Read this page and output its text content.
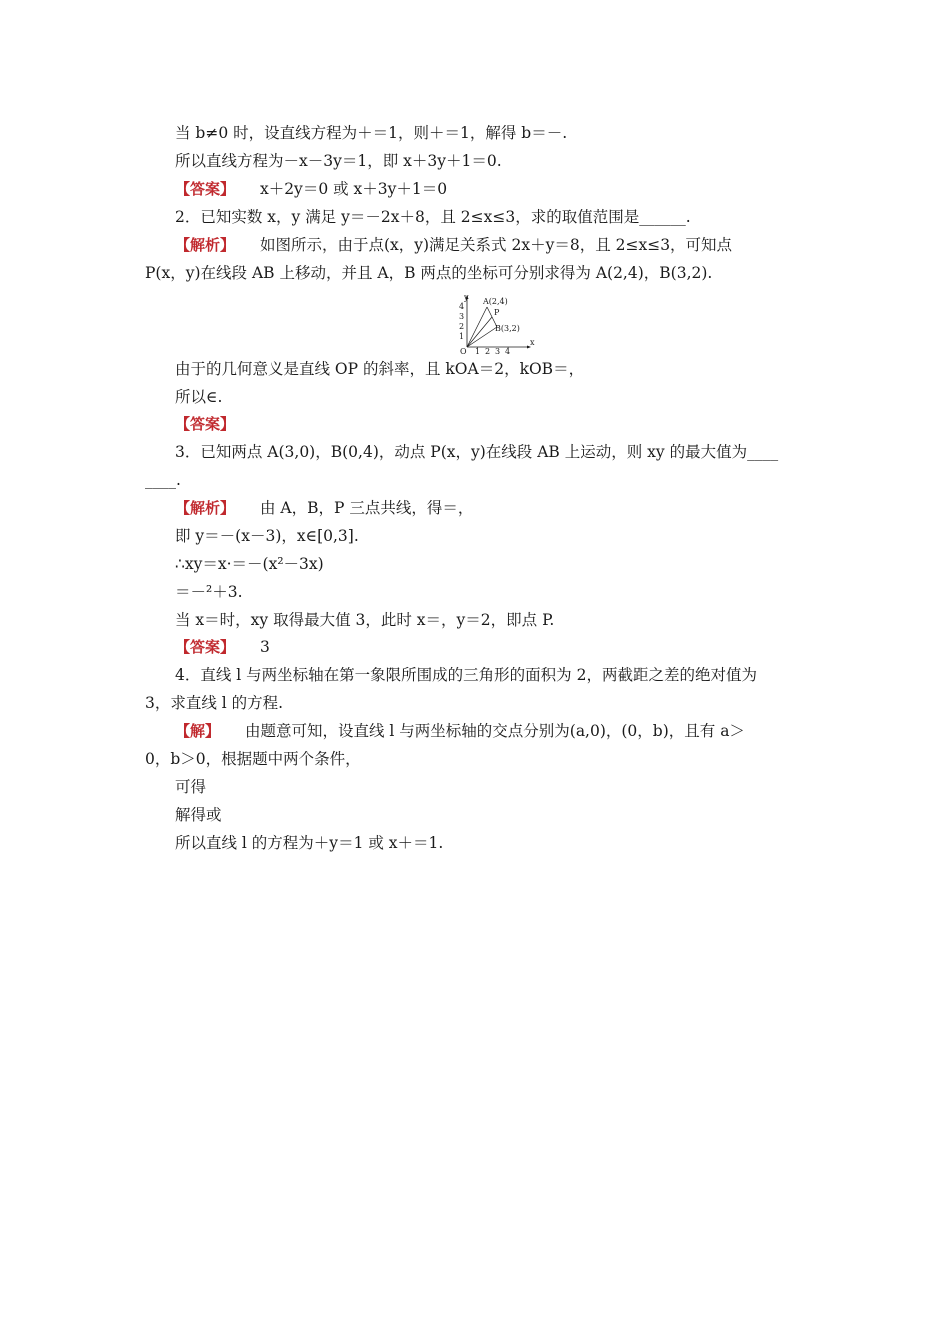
当 b≠0 时，设直线方程为＋＝1，则＋＝1，解得 b＝－.
所以直线方程为－x－3y＝1，即 x＋3y＋1＝0.
【答案】 x＋2y＝0 或 x＋3y＋1＝0
2．已知实数 x，y 满足 y＝－2x＋8，且 2≤x≤3，求的取值范围是______.
【解析】 如图所示，由于点(x，y)满足关系式 2x＋y＝8，且 2≤x≤3，可知点
P(x，y)在线段 AB 上移动，并且 A，B 两点的坐标可分别求得为 A(2,4)，B(3,2).
y
x
O
4
3
2
1
1 2 3 4
A(2,4)
P
B(3,2)
由于的几何意义是直线 OP 的斜率，且 kOA＝2，kOB＝，
所以∈.
【答案】
3．已知两点 A(3,0)，B(0,4)，动点 P(x，y)在线段 AB 上运动，则 xy 的最大值为____
____.
【解析】 由 A，B，P 三点共线，得＝，
即 y＝－(x－3)，x∈[0,3].
∴xy＝x·＝－(x²－3x)
＝－²＋3.
当 x＝时，xy 取得最大值 3，此时 x＝，y＝2，即点 P.
【答案】 3
4．直线 l 与两坐标轴在第一象限所围成的三角形的面积为 2，两截距之差的绝对值为
3，求直线 l 的方程.
【解】 由题意可知，设直线 l 与两坐标轴的交点分别为(a,0)，(0，b)，且有 a＞
0，b＞0，根据题中两个条件，
可得
解得或
所以直线 l 的方程为＋y＝1 或 x＋＝1.
